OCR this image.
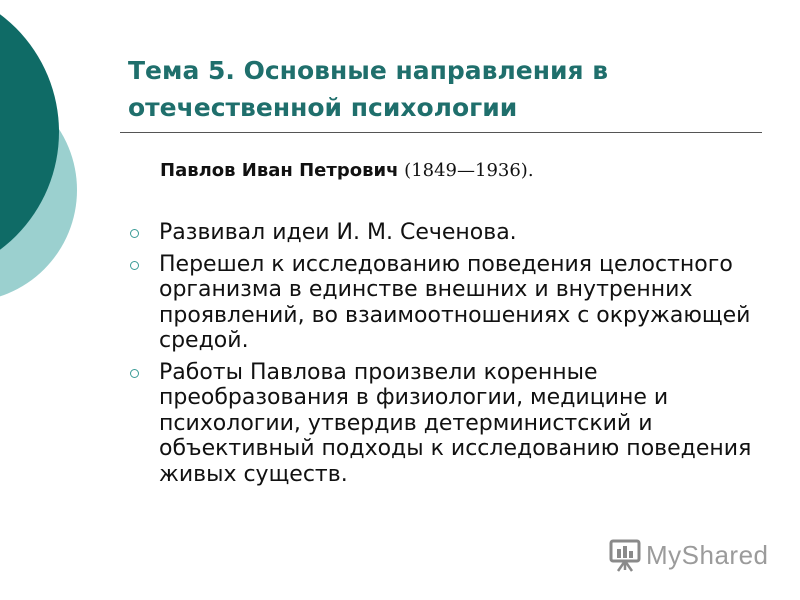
Тема 5. Основные направления в отечественной психологии
Павлов Иван Петрович (1849—1936).
Развивал идеи И. М. Сеченова.
Перешел к исследованию поведения целостного организма в единстве внешних и внутренних проявлений, во взаимоотношениях с окружающей средой.
Работы Павлова произвели коренные преобразования в физиологии, медицине и психологии, утвердив детерминистский и объективный подходы к исследованию поведения живых существ.
MyShared
